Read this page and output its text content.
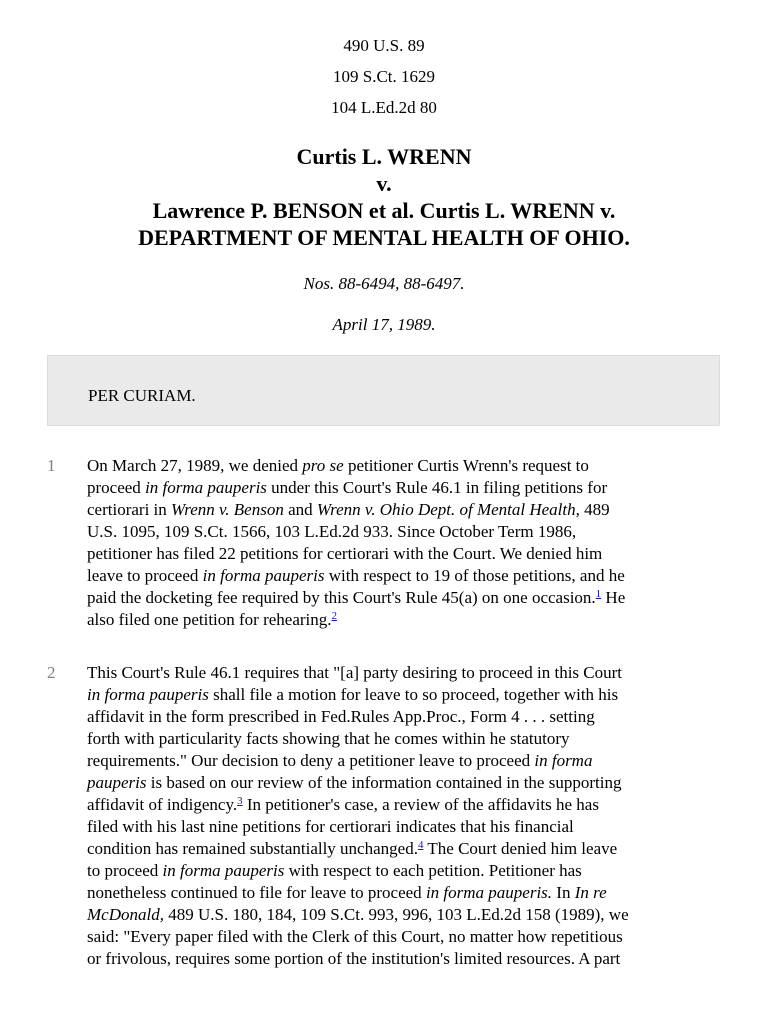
490 U.S. 89
109 S.Ct. 1629
104 L.Ed.2d 80
Curtis L. WRENN
v.
Lawrence P. BENSON et al. Curtis L. WRENN v.
DEPARTMENT OF MENTAL HEALTH OF OHIO.
Nos. 88-6494, 88-6497.
April 17, 1989.
PER CURIAM.
1	On March 27, 1989, we denied pro se petitioner Curtis Wrenn's request to
proceed in forma pauperis under this Court's Rule 46.1 in filing petitions for
certiorari in Wrenn v. Benson and Wrenn v. Ohio Dept. of Mental Health, 489
U.S. 1095, 109 S.Ct. 1566, 103 L.Ed.2d 933. Since October Term 1986,
petitioner has filed 22 petitions for certiorari with the Court. We denied him
leave to proceed in forma pauperis with respect to 19 of those petitions, and he
paid the docketing fee required by this Court's Rule 45(a) on one occasion.$^1$ He
also filed one petition for rehearing.$^2$
2	This Court's Rule 46.1 requires that "[a] party desiring to proceed in this Court
in forma pauperis shall file a motion for leave to so proceed, together with his
affidavit in the form prescribed in Fed.Rules App.Proc., Form 4 . . . setting
forth with particularity facts showing that he comes within he statutory
requirements." Our decision to deny a petitioner leave to proceed in forma
pauperis is based on our review of the information contained in the supporting
affidavit of indigency.$^3$ In petitioner's case, a review of the affidavits he has
filed with his last nine petitions for certiorari indicates that his financial
condition has remained substantially unchanged.$^4$ The Court denied him leave
to proceed in forma pauperis with respect to each petition. Petitioner has
nonetheless continued to file for leave to proceed in forma pauperis. In In re
McDonald, 489 U.S. 180, 184, 109 S.Ct. 993, 996, 103 L.Ed.2d 158 (1989), we
said: "Every paper filed with the Clerk of this Court, no matter how repetitious
or frivolous, requires some portion of the institution's limited resources. A part
